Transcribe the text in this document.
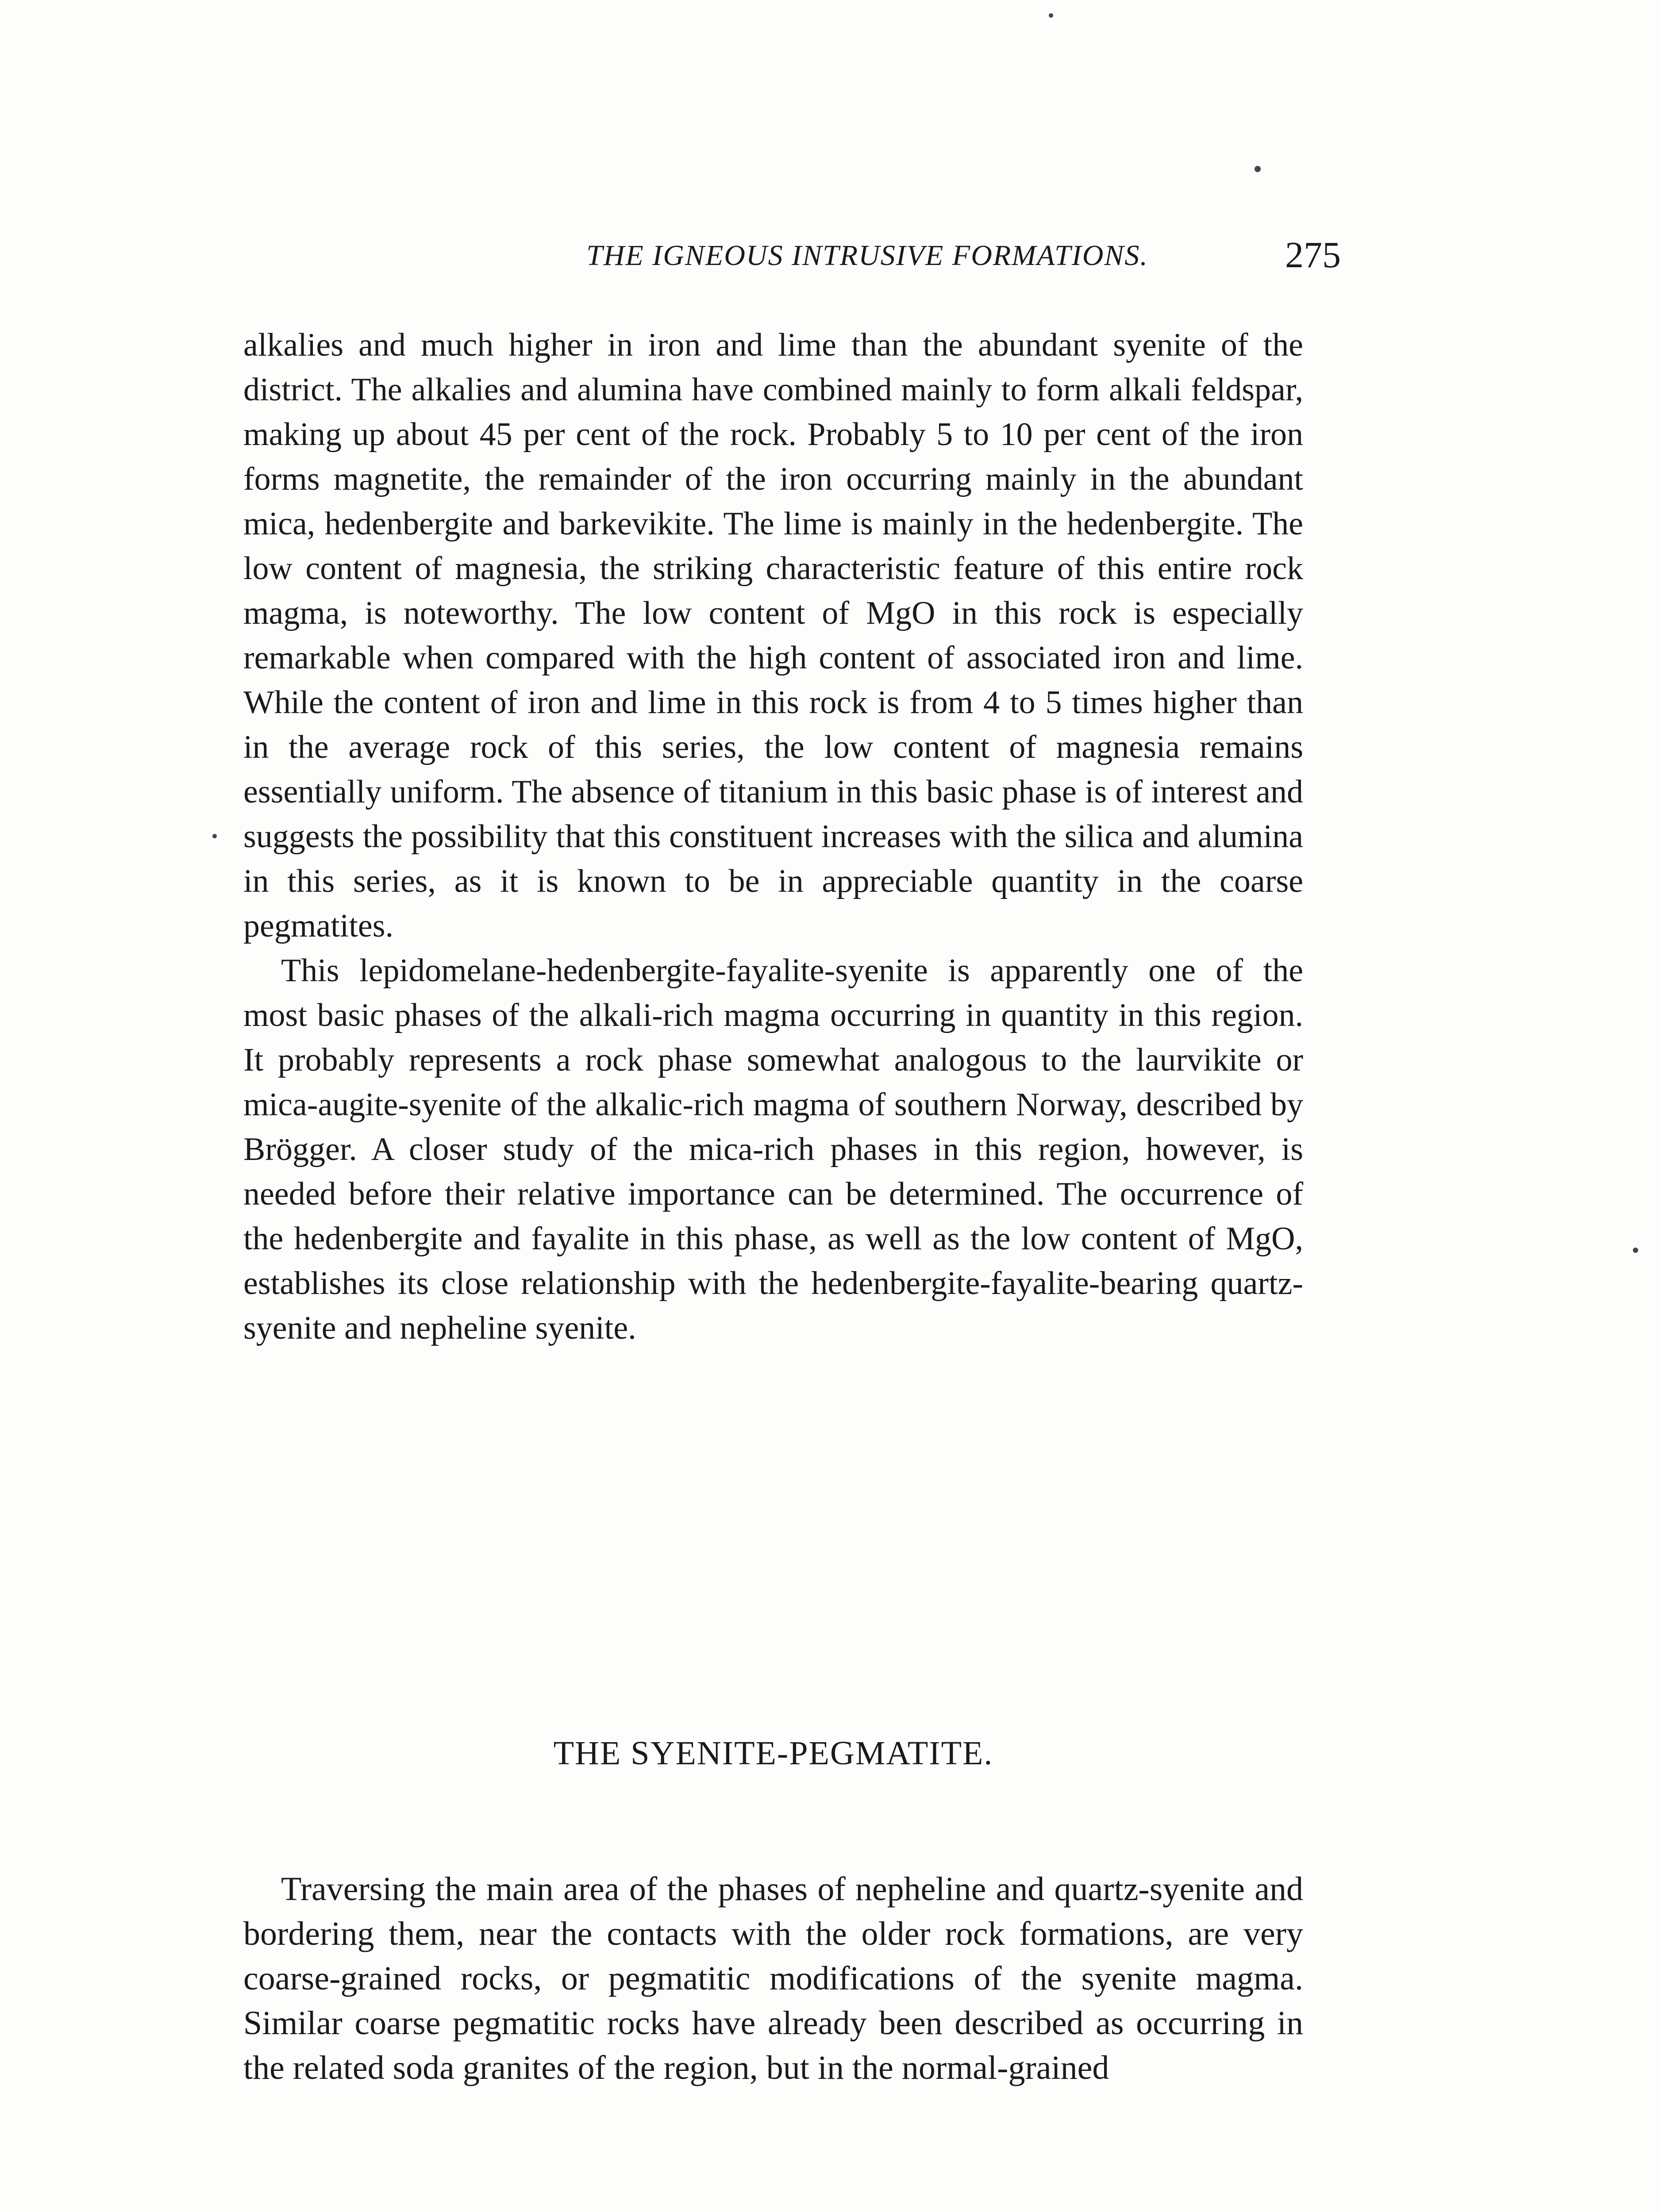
THE IGNEOUS INTRUSIVE FORMATIONS.	275

alkalies and much higher in iron and lime than the abundant syenite of the district. The alkalies and alumina have combined mainly to form alkali feldspar, making up about 45 per cent of the rock. Probably 5 to 10 per cent of the iron forms magnetite, the remainder of the iron occurring mainly in the abundant mica, hedenbergite and barkevikite. The lime is mainly in the hedenbergite. The low content of magnesia, the striking characteristic feature of this entire rock magma, is noteworthy. The low content of MgO in this rock is especially remarkable when compared with the high content of associated iron and lime. While the content of iron and lime in this rock is from 4 to 5 times higher than in the average rock of this series, the low content of magnesia remains essentially uniform. The absence of titanium in this basic phase is of interest and suggests the possibility that this constituent increases with the silica and alumina in this series, as it is known to be in appreciable quantity in the coarse pegmatites.

This lepidomelane-hedenbergite-fayalite-syenite is apparently one of the most basic phases of the alkali-rich magma occurring in quantity in this region. It probably represents a rock phase somewhat analogous to the laurvikite or mica-augite-syenite of the alkalic-rich magma of southern Norway, described by Brögger. A closer study of the mica-rich phases in this region, however, is needed before their relative importance can be determined. The occurrence of the hedenbergite and fayalite in this phase, as well as the low content of MgO, establishes its close relationship with the hedenbergite-fayalite-bearing quartz-syenite and nepheline syenite.

THE SYENITE-PEGMATITE.

Traversing the main area of the phases of nepheline and quartz-syenite and bordering them, near the contacts with the older rock formations, are very coarse-grained rocks, or pegmatitic modifications of the syenite magma. Similar coarse pegmatitic rocks have already been described as occurring in the related soda granites of the region, but in the normal-grained
